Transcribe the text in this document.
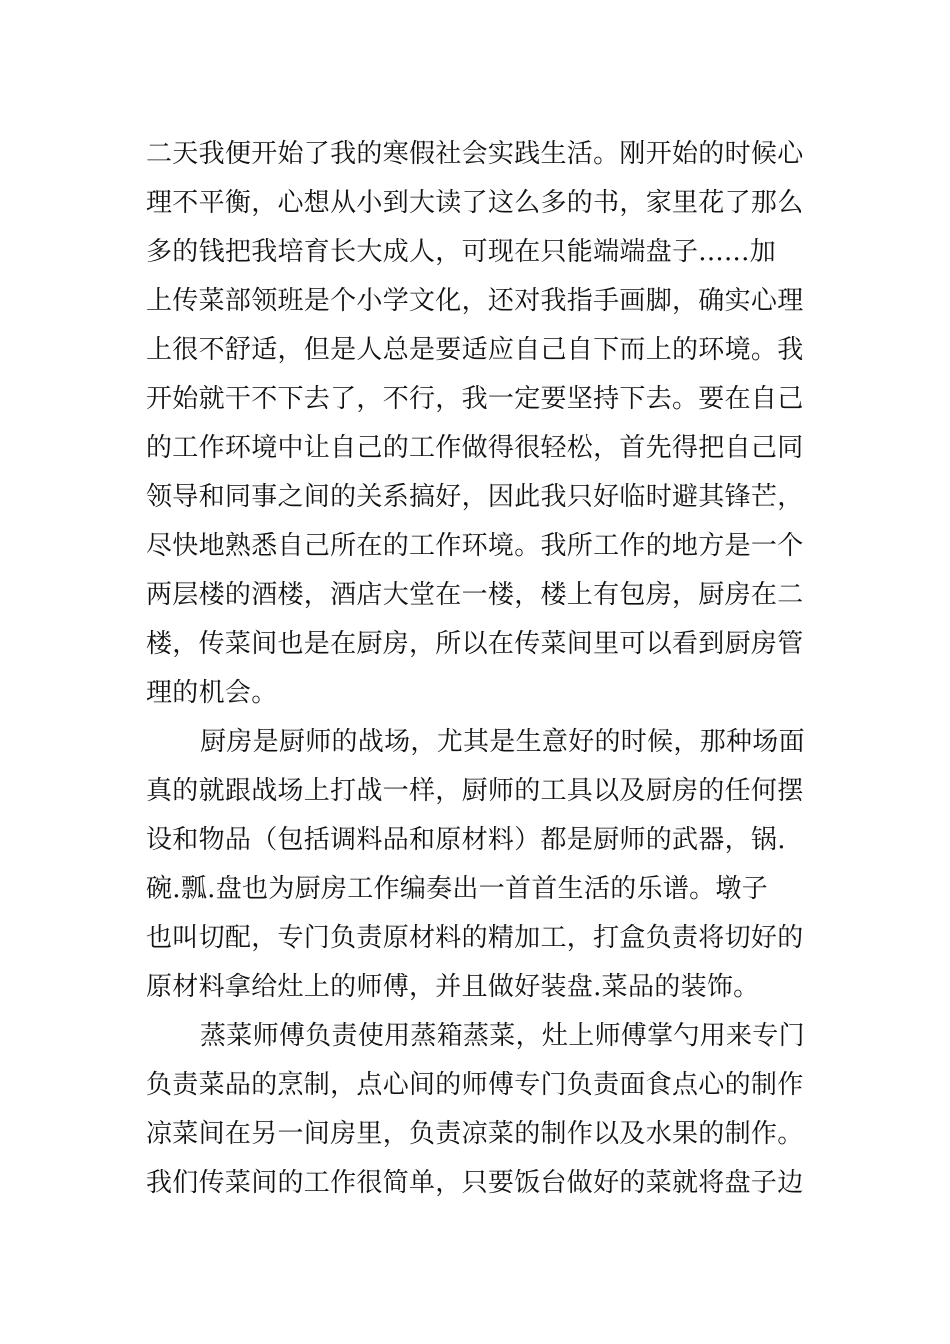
二天我便开始了我的寒假社会实践生活。刚开始的时候心
理不平衡，心想从小到大读了这么多的书，家里花了那么
多的钱把我培育长大成人，可现在只能端端盘子......加
上传菜部领班是个小学文化，还对我指手画脚，确实心理
上很不舒适，但是人总是要适应自己自下而上的环境。我
开始就干不下去了，不行，我一定要坚持下去。要在自己
的工作环境中让自己的工作做得很轻松，首先得把自己同
领导和同事之间的关系搞好，因此我只好临时避其锋芒，
尽快地熟悉自己所在的工作环境。我所工作的地方是一个
两层楼的酒楼，酒店大堂在一楼，楼上有包房，厨房在二
楼，传菜间也是在厨房，所以在传菜间里可以看到厨房管
理的机会。
厨房是厨师的战场，尤其是生意好的时候，那种场面
真的就跟战场上打战一样，厨师的工具以及厨房的任何摆
设和物品（包括调料品和原材料）都是厨师的武器，锅.
碗.瓢.盘也为厨房工作编奏出一首首生活的乐谱。墩子
也叫切配，专门负责原材料的精加工，打盒负责将切好的
原材料拿给灶上的师傅，并且做好装盘.菜品的装饰。
蒸菜师傅负责使用蒸箱蒸菜，灶上师傅掌勺用来专门
负责菜品的烹制，点心间的师傅专门负责面食点心的制作
凉菜间在另一间房里，负责凉菜的制作以及水果的制作。
我们传菜间的工作很简单，只要饭台做好的菜就将盘子边
